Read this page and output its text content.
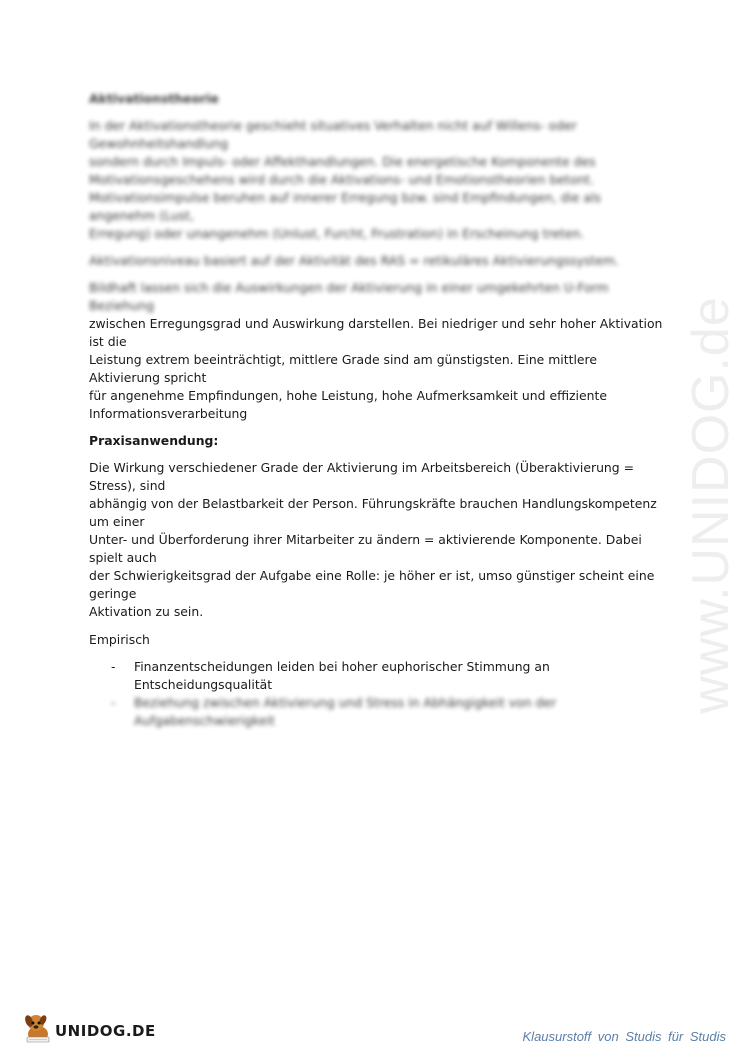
www.UNIDOG.de
Aktivationstheorie

In der Aktivationstheorie geschieht situatives Verhalten nicht auf Willens- oder Gewohnheitshandlung
sondern durch Impuls- oder Affekthandlungen. Die energetische Komponente des
Motivationsgeschehens wird durch die Aktivations- und Emotionstheorien betont.
Motivationsimpulse beruhen auf innerer Erregung bzw. sind Empfindungen, die als angenehm (Lust,
Erregung) oder unangenehm (Unlust, Furcht, Frustration) in Erscheinung treten.

Aktivationsniveau basiert auf der Aktivität des RAS = retikuläres Aktivierungssystem.

Bildhaft lassen sich die Auswirkungen der Aktivierung in einer umgekehrten U-Form Beziehung
zwischen Erregungsgrad und Auswirkung darstellen. Bei niedriger und sehr hoher Aktivation ist die
Leistung extrem beeinträchtigt, mittlere Grade sind am günstigsten. Eine mittlere Aktivierung spricht
für angenehme Empfindungen, hohe Leistung, hohe Aufmerksamkeit und effiziente
Informationsverarbeitung

Praxisanwendung:

Die Wirkung verschiedener Grade der Aktivierung im Arbeitsbereich (Überaktivierung = Stress), sind
abhängig von der Belastbarkeit der Person. Führungskräfte brauchen Handlungskompetenz um einer
Unter- und Überforderung ihrer Mitarbeiter zu ändern = aktivierende Komponente. Dabei spielt auch
der Schwierigkeitsgrad der Aufgabe eine Rolle: je höher er ist, umso günstiger scheint eine geringe
Aktivation zu sein.

Empirisch

- Finanzentscheidungen leiden bei hoher euphorischer Stimmung an Entscheidungsqualität
- Beziehung zwischen Aktivierung und Stress in Abhängigkeit von der Aufgabenschwierigkeit
UNIDOG.DE	Klausurstoff von Studis für Studis
